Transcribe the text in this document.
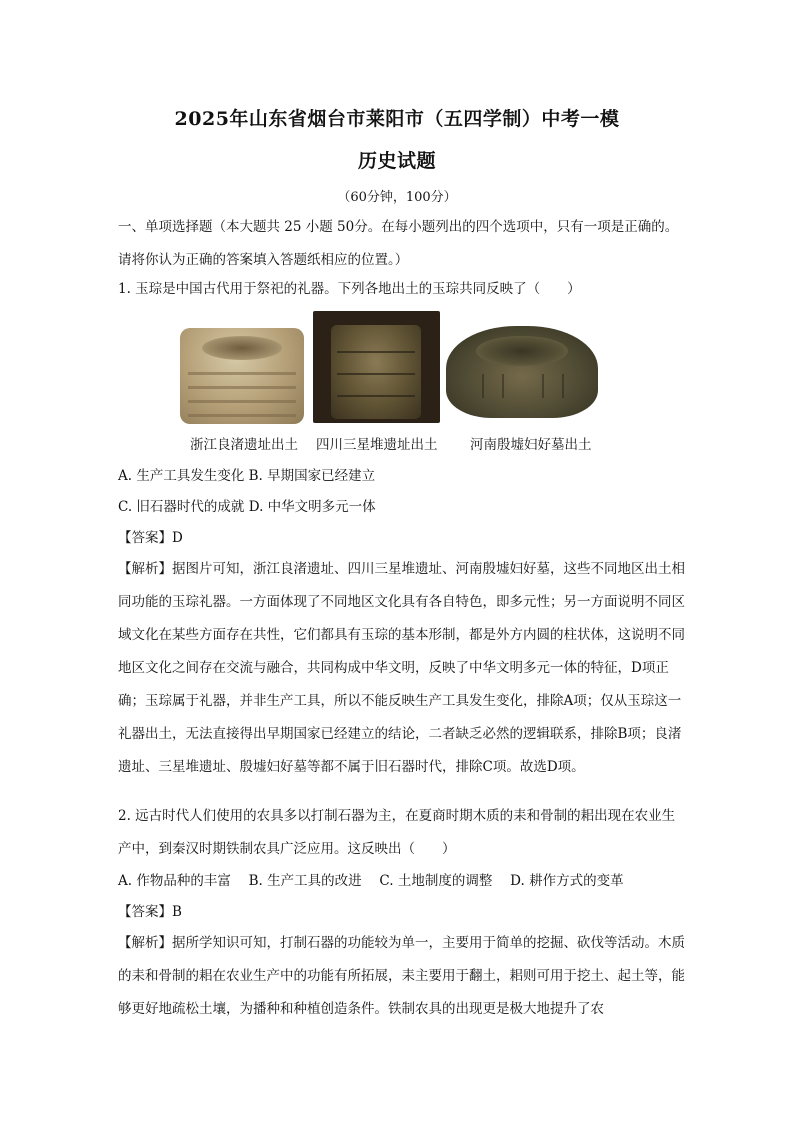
2025年山东省烟台市莱阳市（五四学制）中考一模
历史试题
（60分钟，100分）

一、单项选择题（本大题共 25 小题 50分。在每小题列出的四个选项中，只有一项是正确的。请将你认为正确的答案填入答题纸相应的位置。）

1. 玉琮是中国古代用于祭祀的礼器。下列各地出土的玉琮共同反映了（　　）

浙江良渚遗址出土 四川三星堆遗址出土 河南殷墟妇好墓出土

A. 生产工具发生变化 B. 早期国家已经建立

C. 旧石器时代的成就 D. 中华文明多元一体

【答案】D

【解析】据图片可知，浙江良渚遗址、四川三星堆遗址、河南殷墟妇好墓，这些不同地区出土相同功能的玉琮礼器。一方面体现了不同地区文化具有各自特色，即多元性；另一方面说明不同区域文化在某些方面存在共性，它们都具有玉琮的基本形制，都是外方内圆的柱状体，这说明不同地区文化之间存在交流与融合，共同构成中华文明，反映了中华文明多元一体的特征，D项正确；玉琮属于礼器，并非生产工具，所以不能反映生产工具发生变化，排除A项；仅从玉琮这一礼器出土，无法直接得出早期国家已经建立的结论，二者缺乏必然的逻辑联系，排除B项；良渚遗址、三星堆遗址、殷墟妇好墓等都不属于旧石器时代，排除C项。故选D项。

2. 远古时代人们使用的农具多以打制石器为主，在夏商时期木质的耒和骨制的耜出现在农业生产中，到秦汉时期铁制农具广泛应用。这反映出（　　）

A. 作物品种的丰富　 B. 生产工具的改进　 C. 土地制度的调整　 D. 耕作方式的变革

【答案】B

【解析】据所学知识可知，打制石器的功能较为单一，主要用于简单的挖掘、砍伐等活动。木质的耒和骨制的耜在农业生产中的功能有所拓展，耒主要用于翻土，耜则可用于挖土、起土等，能够更好地疏松土壤，为播种和种植创造条件。铁制农具的出现更是极大地提升了农
